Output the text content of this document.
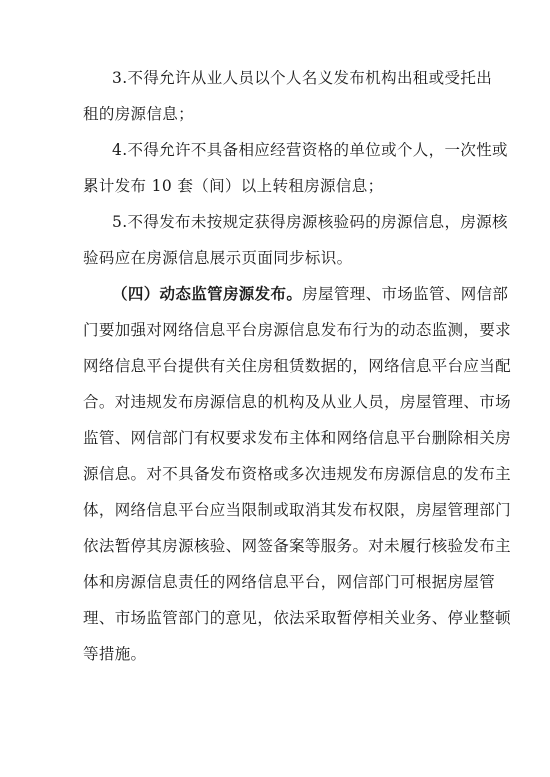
3.不得允许从业人员以个人名义发布机构出租或受托出
租的房源信息；
4.不得允许不具备相应经营资格的单位或个人，一次性或
累计发布 10 套（间）以上转租房源信息；
5.不得发布未按规定获得房源核验码的房源信息，房源核
验码应在房源信息展示页面同步标识。
（四）动态监管房源发布。房屋管理、市场监管、网信部
门要加强对网络信息平台房源信息发布行为的动态监测，要求
网络信息平台提供有关住房租赁数据的，网络信息平台应当配
合。对违规发布房源信息的机构及从业人员，房屋管理、市场
监管、网信部门有权要求发布主体和网络信息平台删除相关房
源信息。对不具备发布资格或多次违规发布房源信息的发布主
体，网络信息平台应当限制或取消其发布权限，房屋管理部门
依法暂停其房源核验、网签备案等服务。对未履行核验发布主
体和房源信息责任的网络信息平台，网信部门可根据房屋管
理、市场监管部门的意见，依法采取暂停相关业务、停业整顿
等措施。
